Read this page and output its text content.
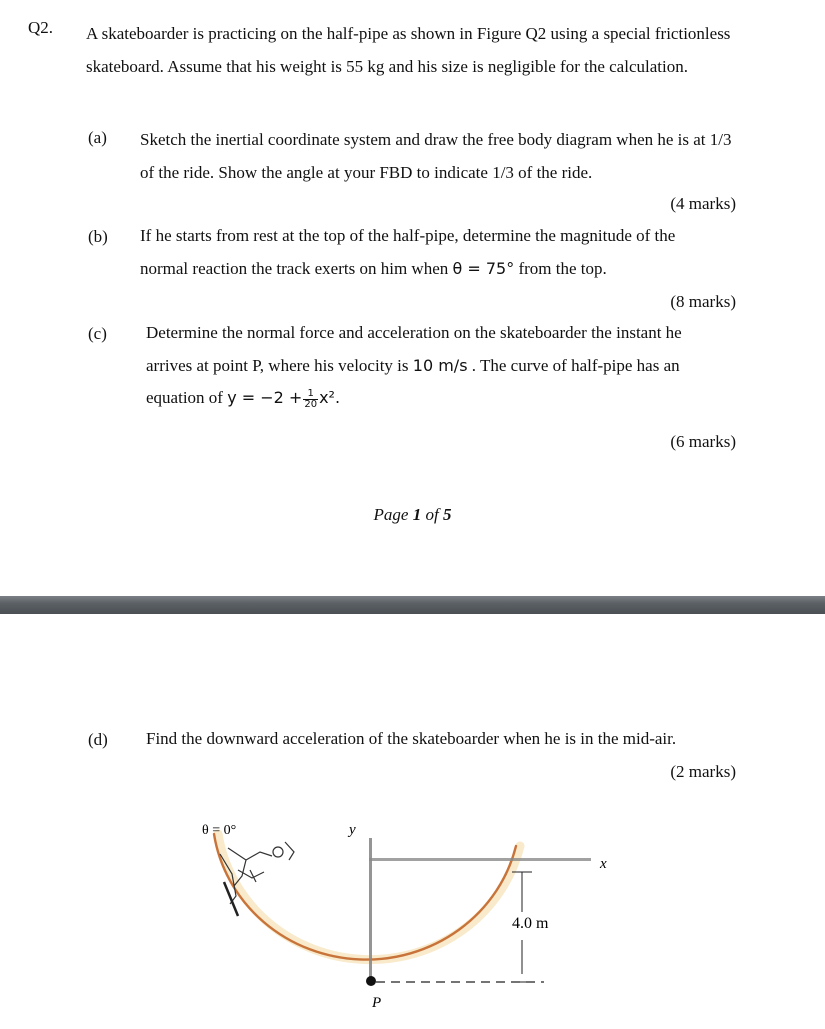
Q2. A skateboarder is practicing on the half-pipe as shown in Figure Q2 using a special frictionless skateboard. Assume that his weight is 55 kg and his size is negligible for the calculation.
(a) Sketch the inertial coordinate system and draw the free body diagram when he is at 1/3 of the ride. Show the angle at your FBD to indicate 1/3 of the ride.
(4 marks)
(b) If he starts from rest at the top of the half-pipe, determine the magnitude of the
normal reaction the track exerts on him when θ = 75° from the top.
(8 marks)
(c) Determine the normal force and acceleration on the skateboarder the instant he
arrives at point P, where his velocity is 10 m/s . The curve of half-pipe has an
equation of $y = -2 + \frac{1}{20} x^2$.
(6 marks)
Page 1 of 5
(d) Find the downward acceleration of the skateboarder when he is in the mid-air.
(2 marks)
θ = 0°	y
x
4.0 m
P
